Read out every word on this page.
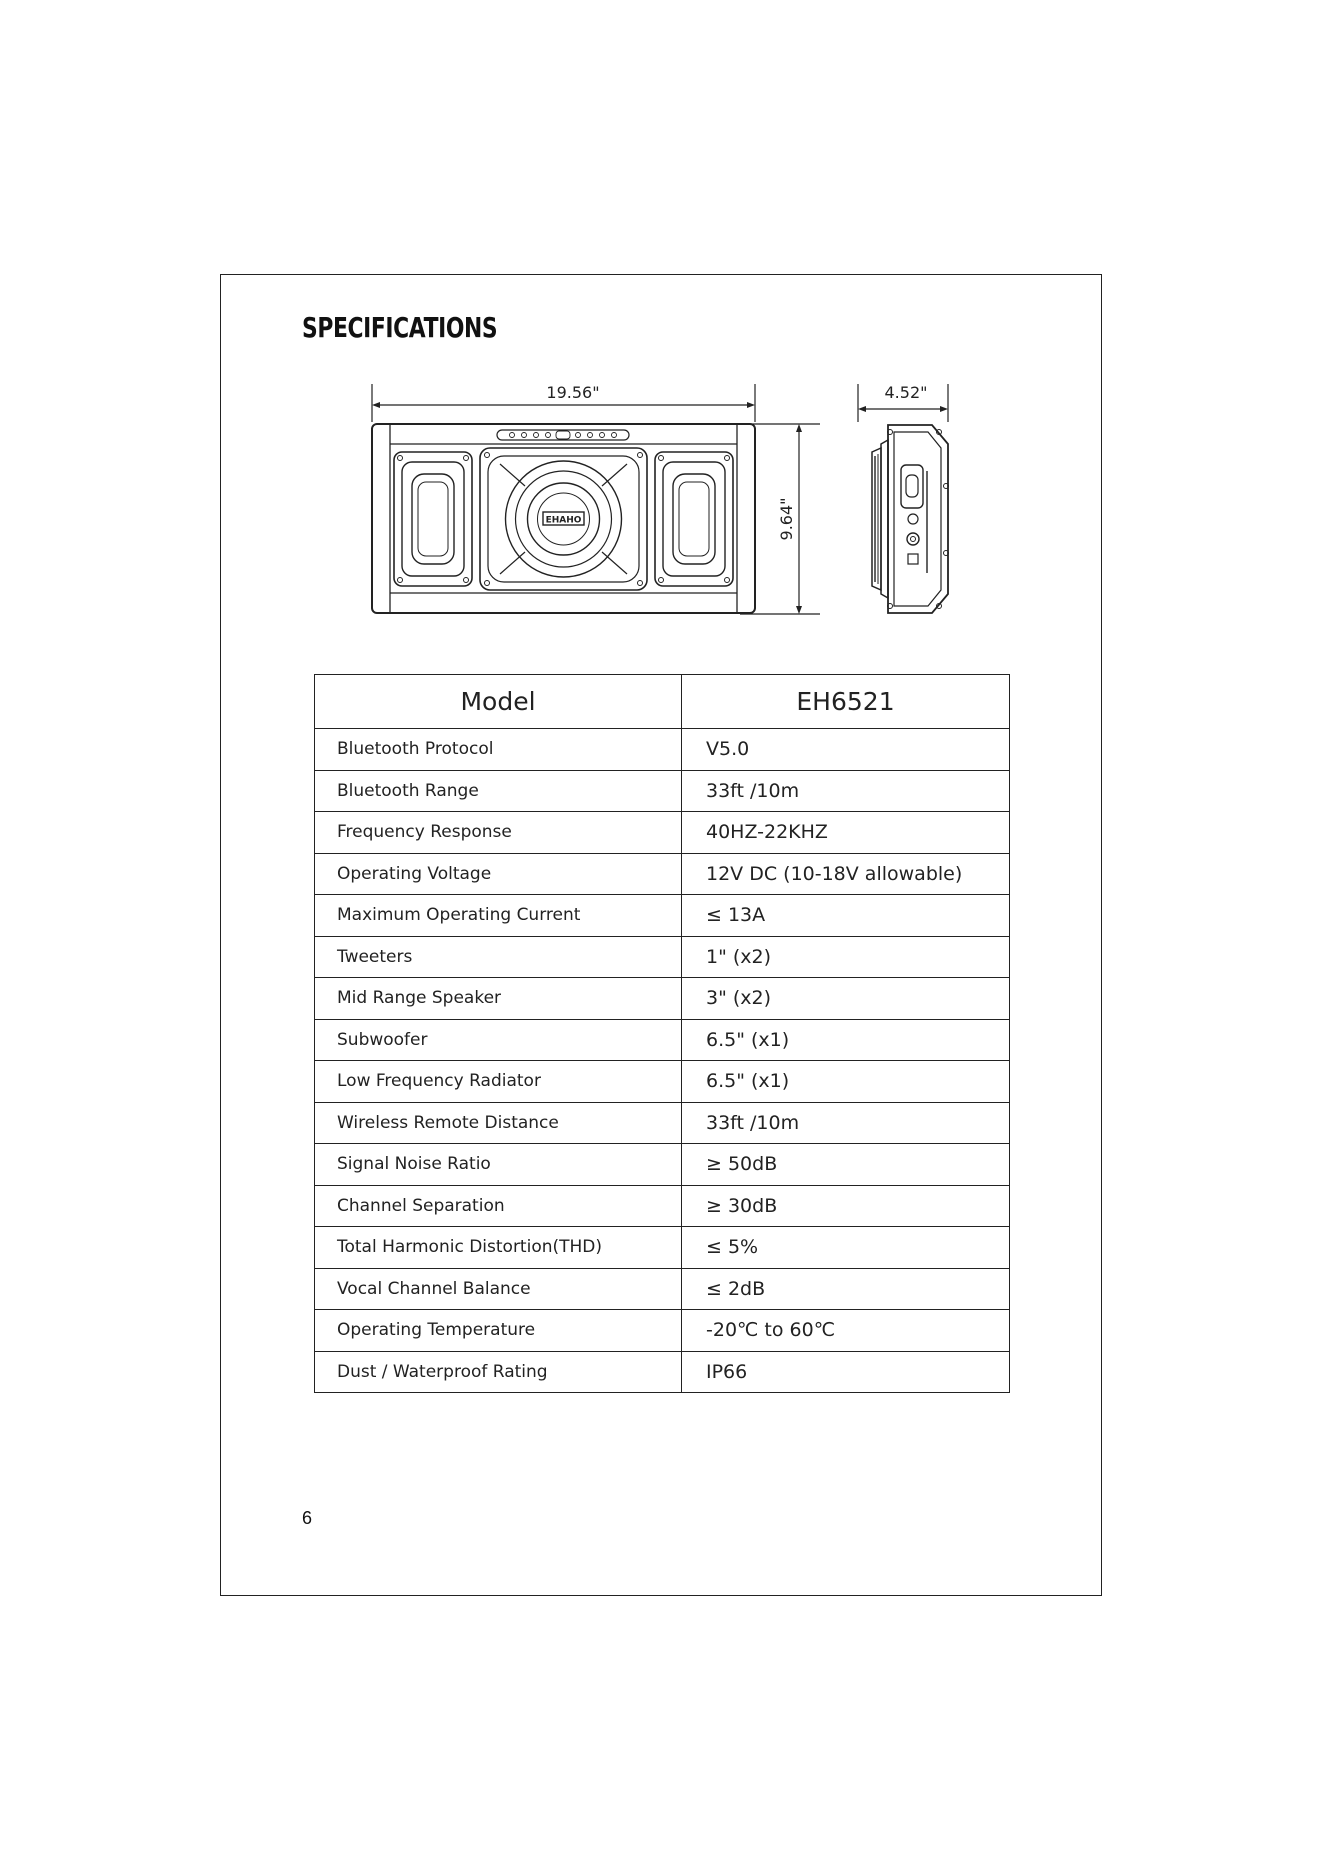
SPECIFICATIONS
19.56"
EHAHO	9.64"
4.52"
Model	EH6521
Bluetooth Protocol	V5.0
Bluetooth Range	33ft /10m
Frequency Response	40HZ-22KHZ
Operating Voltage	12V DC (10-18V allowable)
Maximum Operating Current	≤ 13A
Tweeters	1" (x2)
Mid Range Speaker	3" (x2)
Subwoofer	6.5" (x1)
Low Frequency Radiator	6.5" (x1)
Wireless Remote Distance	33ft /10m
Signal Noise Ratio	≥ 50dB
Channel Separation	≥ 30dB
Total Harmonic Distortion(THD)	≤ 5%
Vocal Channel Balance	≤ 2dB
Operating Temperature	-20℃ to 60℃
Dust / Waterproof Rating	IP66
6
